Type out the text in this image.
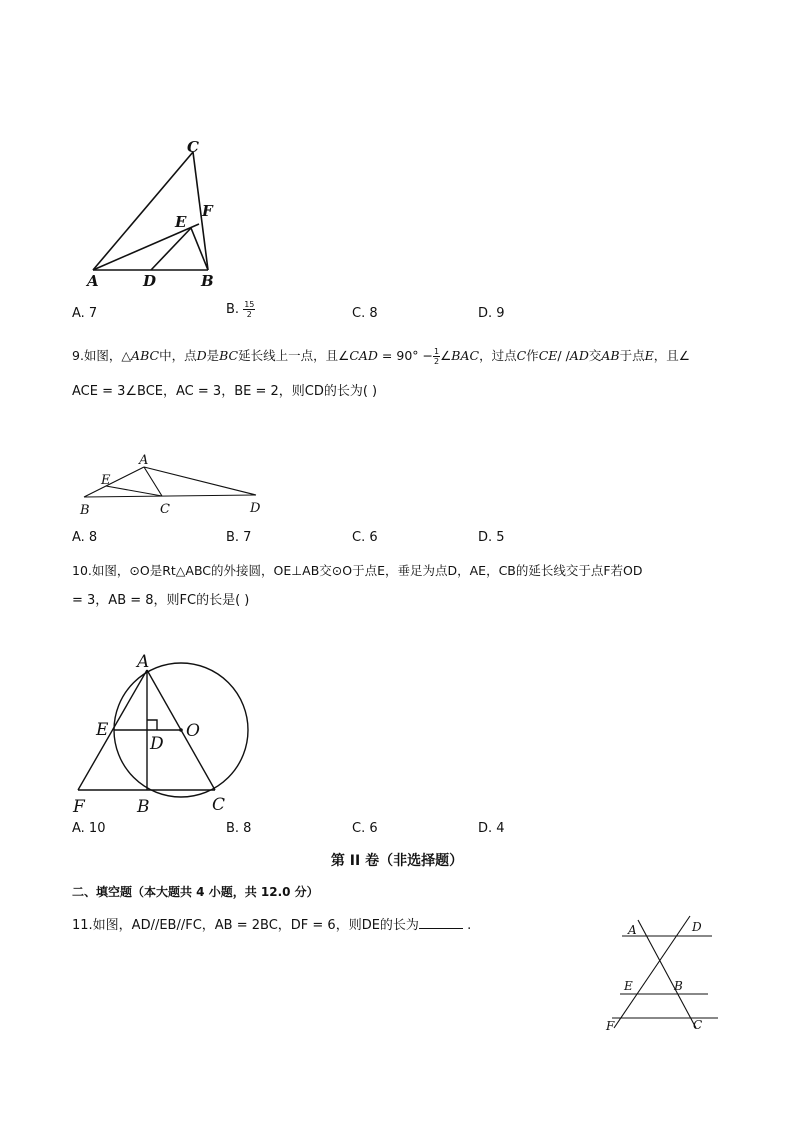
C
E
F
A	D	B
A. 7	B. $\frac{15}{2}$	C. 8	D. 9
9.如图，△ABC中，点D是BC延长线上一点，且∠CAD = $90^\circ - \frac{1}{2}$ ∠BAC，过点C作CE/ /AD交AB于点E，且∠
ACE = 3∠BCE，AC = 3，BE = 2，则CD的长为( )
A
E
B	C	D
A. 8	B. 7	C. 6	D. 5
10.如图，⊙O是Rt△ABC的外接圆，OE⊥AB交⊙O于点E，垂足为点D，AE，CB的延长线交于点F若OD
= 3，AB = 8，则FC的长是( )
A
E
D
O
F	B	C
A. 10	B. 8	C. 6	D. 4
第 II 卷（非选择题）
二、填空题（本大题共 4 小题，共 12.0 分）
11.如图，AD//EB//FC，AB = 2BC，DF = 6，则DE的长为	.	A	D
E	B
F	C
